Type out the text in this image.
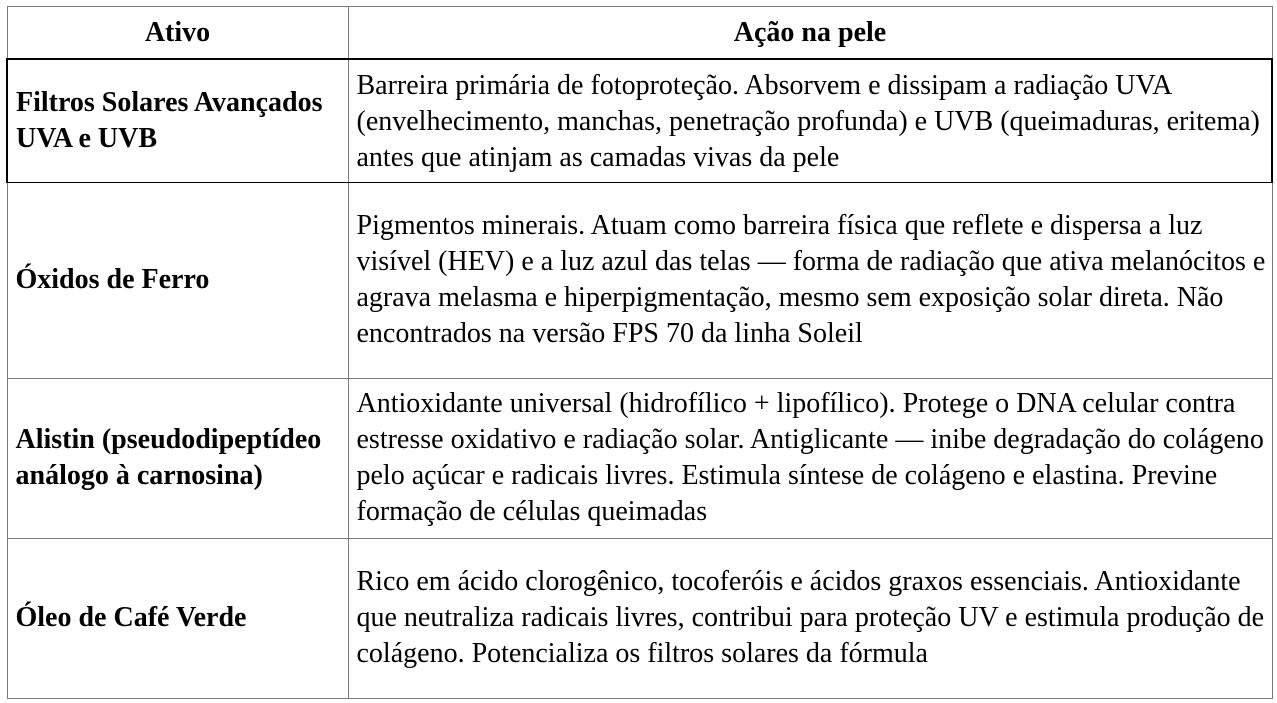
Ativo	Ação na pele
Filtros Solares Avançados UVA e UVB	Barreira primária de fotoproteção. Absorvem e dissipam a radiação UVA (envelhecimento, manchas, penetração profunda) e UVB (queimaduras, eritema) antes que atinjam as camadas vivas da pele
Óxidos de Ferro	Pigmentos minerais. Atuam como barreira física que reflete e dispersa a luz visível (HEV) e a luz azul das telas — forma de radiação que ativa melanócitos e agrava melasma e hiperpigmentação, mesmo sem exposição solar direta. Não encontrados na versão FPS 70 da linha Soleil
Alistin (pseudodipeptídeo análogo à carnosina)	Antioxidante universal (hidrofílico + lipofílico). Protege o DNA celular contra estresse oxidativo e radiação solar. Antiglicante — inibe degradação do colágeno pelo açúcar e radicais livres. Estimula síntese de colágeno e elastina. Previne formação de células queimadas
Óleo de Café Verde	Rico em ácido clorogênico, tocoferóis e ácidos graxos essenciais. Antioxidante que neutraliza radicais livres, contribui para proteção UV e estimula produção de colágeno. Potencializa os filtros solares da fórmula
